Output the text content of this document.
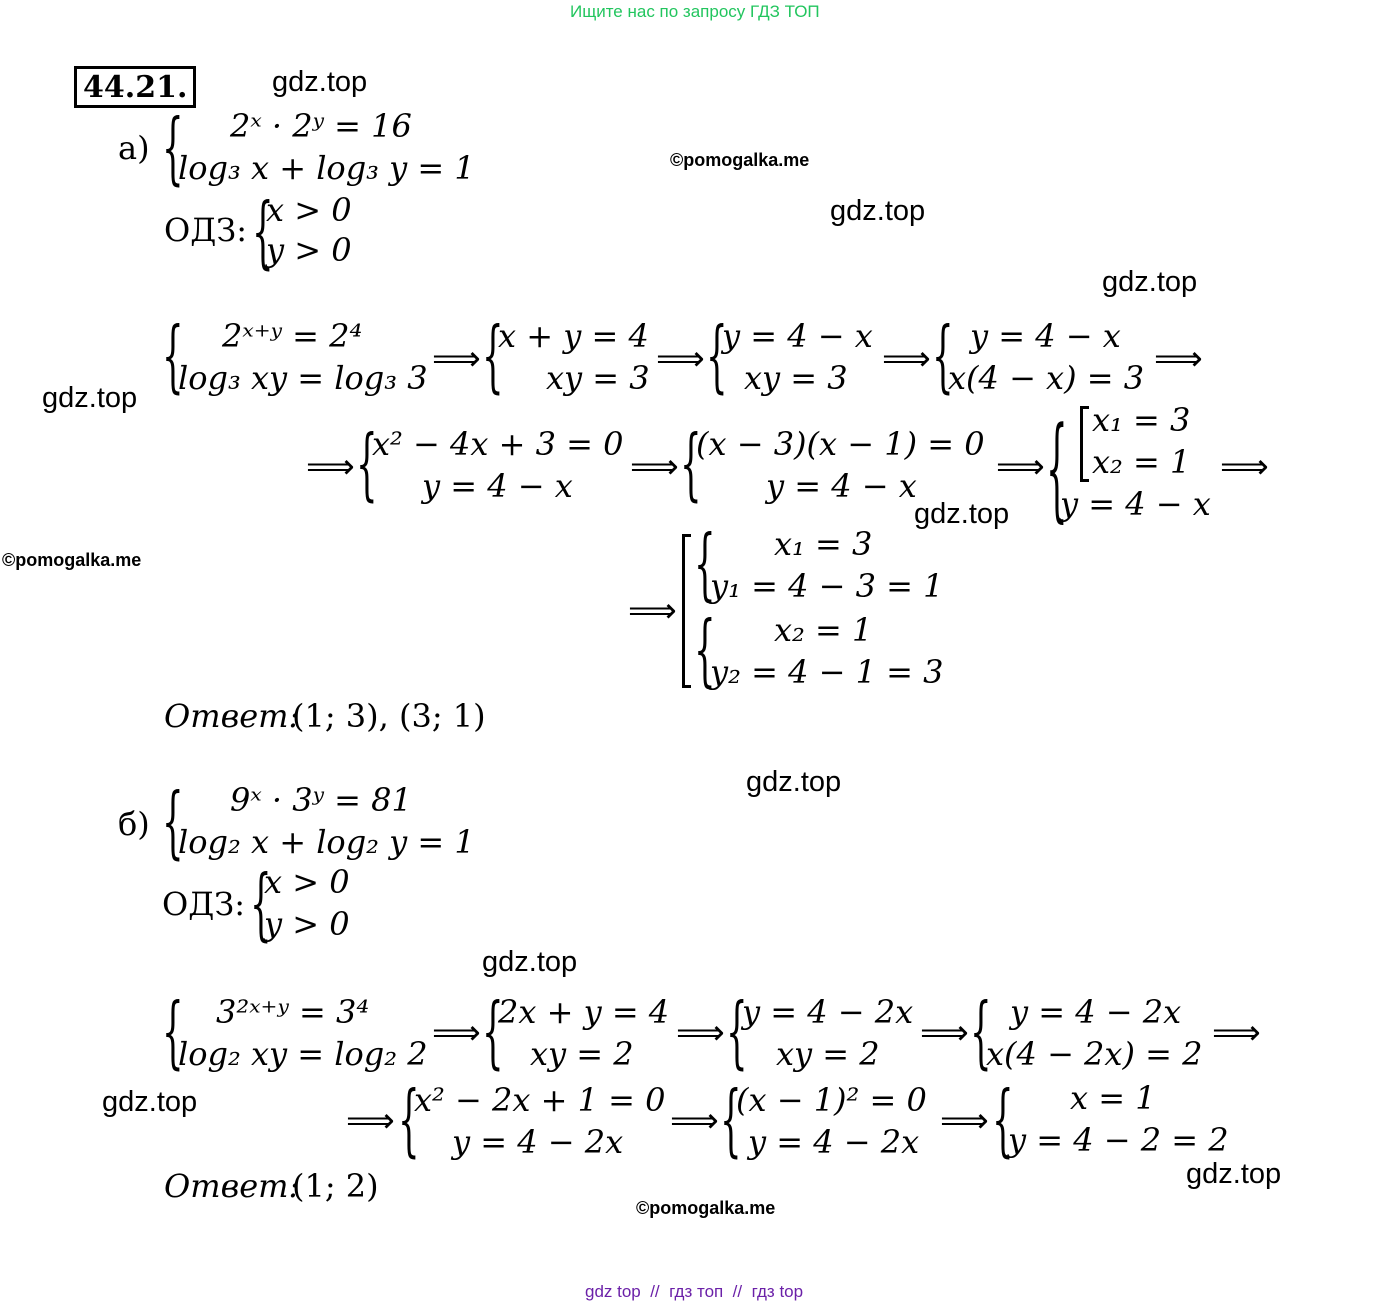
Ищите нас по запросу ГДЗ ТОП
44.21.	gdz.top
©pomogalka.me
gdz.top
gdz.top
gdz.top
gdz.top
©pomogalka.me
gdz.top
gdz.top
gdz.top
gdz.top
©pomogalka.me
а) { 2ˣ · 2ʸ = 16
log₃ x + log₃ y = 1
ОДЗ: {
x > 0
y > 0
{ 2ˣ⁺ʸ = 2⁴
log₃ xy = log₃ 3 ⟹ {
x + y = 4
xy = 3 ⟹ {
y = 4 − x
xy = 3 ⟹ { y = 4 − x
x(4 − x) = 3 ⟹
⟹ {
x² − 4x + 3 = 0
y = 4 − x ⟹ {
(x − 3)(x − 1) = 0
y = 4 − x ⟹ { x₁ = 3
x₂ = 1
y = 4 − x
⟹
⟹ { x₁ = 3
y₁ = 4 − 3 = 1
{ x₂ = 1
y₂ = 4 − 1 = 3
Ответ:
(1; 3), (3; 1)
б) { 9ˣ · 3ʸ = 81
log₂ x + log₂ y = 1
ОДЗ: {
x > 0
y > 0
{ 3²ˣ⁺ʸ = 3⁴
log₂ xy = log₂ 2
⟹ {
2x + y = 4
xy = 2
⟹ {
y = 4 − 2x
xy = 2
⟹ { y = 4 − 2x
x(4 − 2x) = 2
⟹
⟹ {
x² − 2x + 1 = 0
y = 4 − 2x
⟹ {
(x − 1)² = 0
y = 4 − 2x
⟹ { x = 1
y = 4 − 2 = 2
Ответ:
(1; 2)
gdz top  //  гдз топ  //  гдз top
